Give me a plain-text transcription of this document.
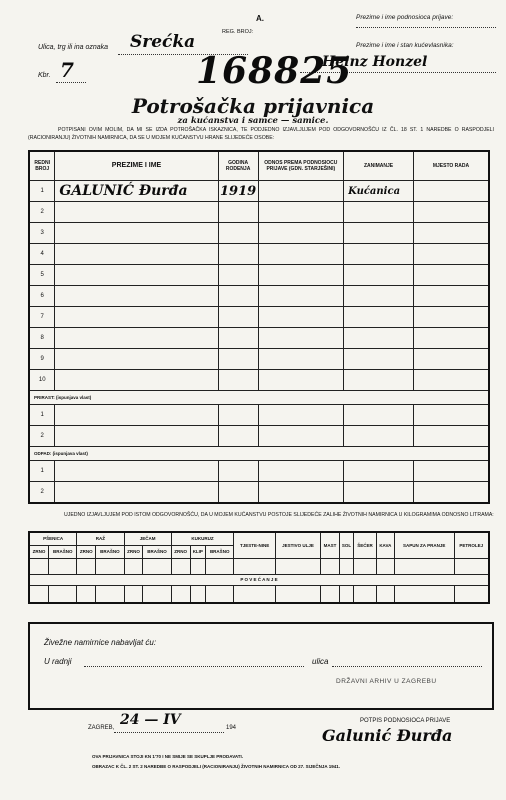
A.	Prezime i ime podnosioca prijave:
REG. BROJ:
Prezime i ime i stan kućevlasnika:
Ulica, trg ili ina oznaka Srećka
Heinz Honzel
Kbr. 7	168825
Potrošačka prijavnica
za kućanstva i samce — samice.
POTPISANI OVIM MOLIM, DA MI SE IZDA POTROŠAČKA ISKAZNICA, TE PODJEDNO IZJAVLJUJEM POD ODGOVORNOŠĆU IZ ČL. 18 ST. 1 NAREDBE O RASPODJELI (RACIONIRANJU) ŽIVOTNIH NAMIRNICA, DA SE U MOJEM KUĆANSTVU HRANE SLIJEDEĆE OSOBE:
REDNI BROJ	PREZIME I IME	GODINA RODENJA	ODNOS PREMA PODNOSIOCU PRIJAVE (GDN. STARJEŠINI)	ZANIMANJE	MJESTO RADA
1	GALUNIĆ Đurđa	1919		Kućanica	
2					
3					
4					
5					
6					
7					
8					
9					
10					
PRIRAST: (ispunjava vlast)					
1					
2					
ODPAD: (ispunjava vlast)					
1					
2					
UJEDNO IZJAVLJUJEM POD ISTOM ODGOVORNOŠĆU, DA U MOJEM KUĆANSTVU POSTOJE SLIJEDEĆE ZALIHE ŽIVOTNIH NAMIRNICA U KILOGRAMIMA ODNOSNO LITRAMA:
PŠENICA		RAŽ		JEČAM		KUKURUZ			TJESTE-NINE	JESTIVO ULJE	MAST	SOL	ŠEĆER	KAVA	SAPUN ZA PRANJE	PETROLEJ
ZRNO	BRAŠNO	ZRNO	BRAŠNO	ZRNO	BRAŠNO	ZRNO	KLIP	BRAŠNO								

P O V E Ć A N J E																

Živežne namirnice nabavljat ću:
U radnji	ulica
DRŽAVNI ARHIV U ZAGREBU
ZAGREB, 24 — IV	194
POTPIS PODNOSIOCA PRIJAVE
Galunić Đurđa
OVA PRIJAVNICA STOJI KN 1'70 I NE SMIJE SE SKUPLJE PRODAVATI.
OBRAZAC K ČL. 2 ST. 2 NAREDBE O RASPODJELI (RACIONIRANJU) ŽIVOTNIH NAMIRNICA OD 27. SIJEČNJA 1941.
